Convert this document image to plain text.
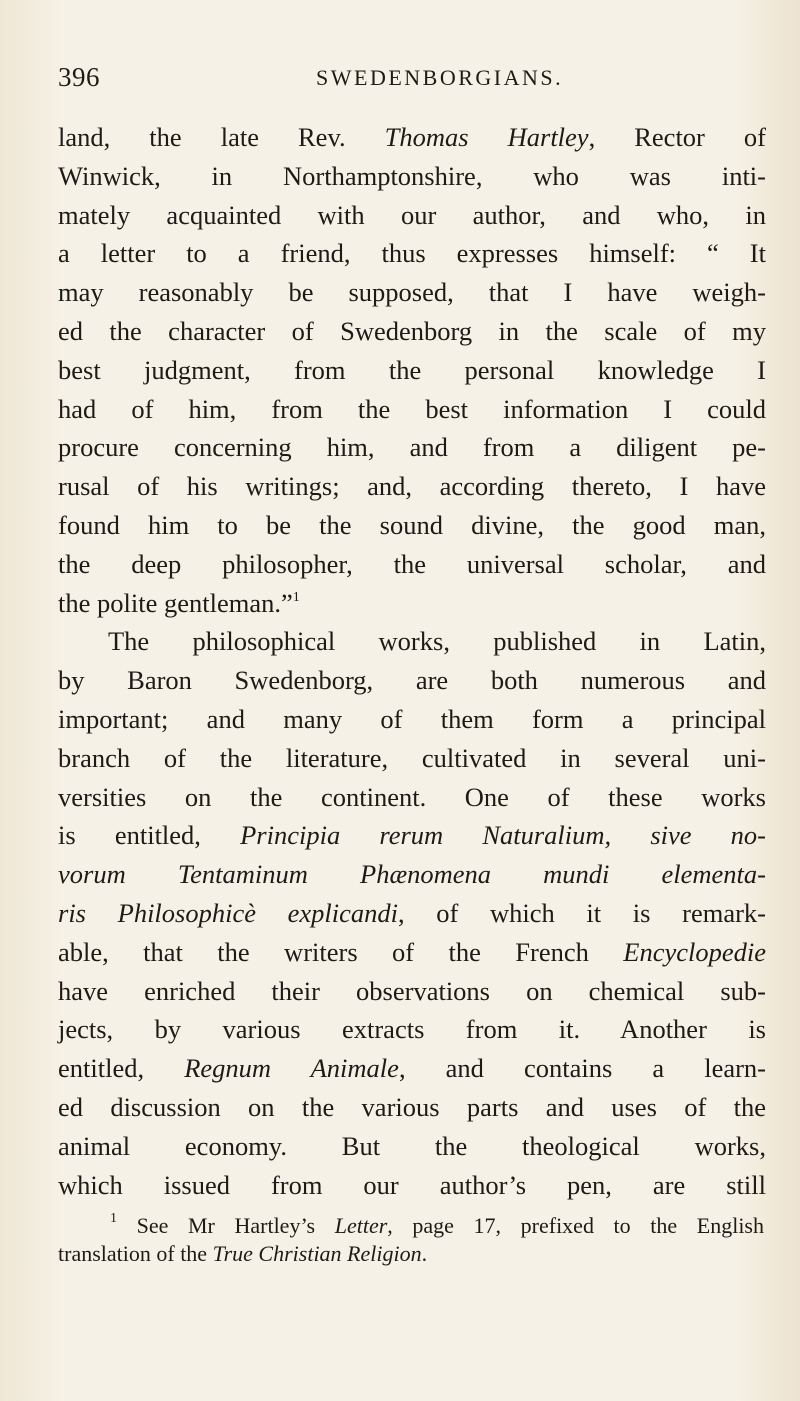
396	SWEDENBORGIANS.
land, the late Rev. Thomas Hartley, Rector of
Winwick, in Northamptonshire, who was inti-
mately acquainted with our author, and who, in
a letter to a friend, thus expresses himself: “ It
may reasonably be supposed, that I have weigh-
ed the character of Swedenborg in the scale of my
best judgment, from the personal knowledge I
had of him, from the best information I could
procure concerning him, and from a diligent pe-
rusal of his writings; and, according thereto, I have
found him to be the sound divine, the good man,
the deep philosopher, the universal scholar, and
the polite gentleman.”$^1$
The philosophical works, published in Latin,
by Baron Swedenborg, are both numerous and
important; and many of them form a principal
branch of the literature, cultivated in several uni-
versities on the continent. One of these works
is entitled, Principia rerum Naturalium, sive no-
vorum Tentaminum Phænomena mundi elementa-
ris Philosophicè explicandi, of which it is remark-
able, that the writers of the French Encyclopedie
have enriched their observations on chemical sub-
jects, by various extracts from it. Another is
entitled, Regnum Animale, and contains a learn-
ed discussion on the various parts and uses of the
animal economy. But the theological works,
which issued from our author’s pen, are still
$^1$ See Mr Hartley’s Letter, page 17, prefixed to the English
translation of the True Christian Religion.
